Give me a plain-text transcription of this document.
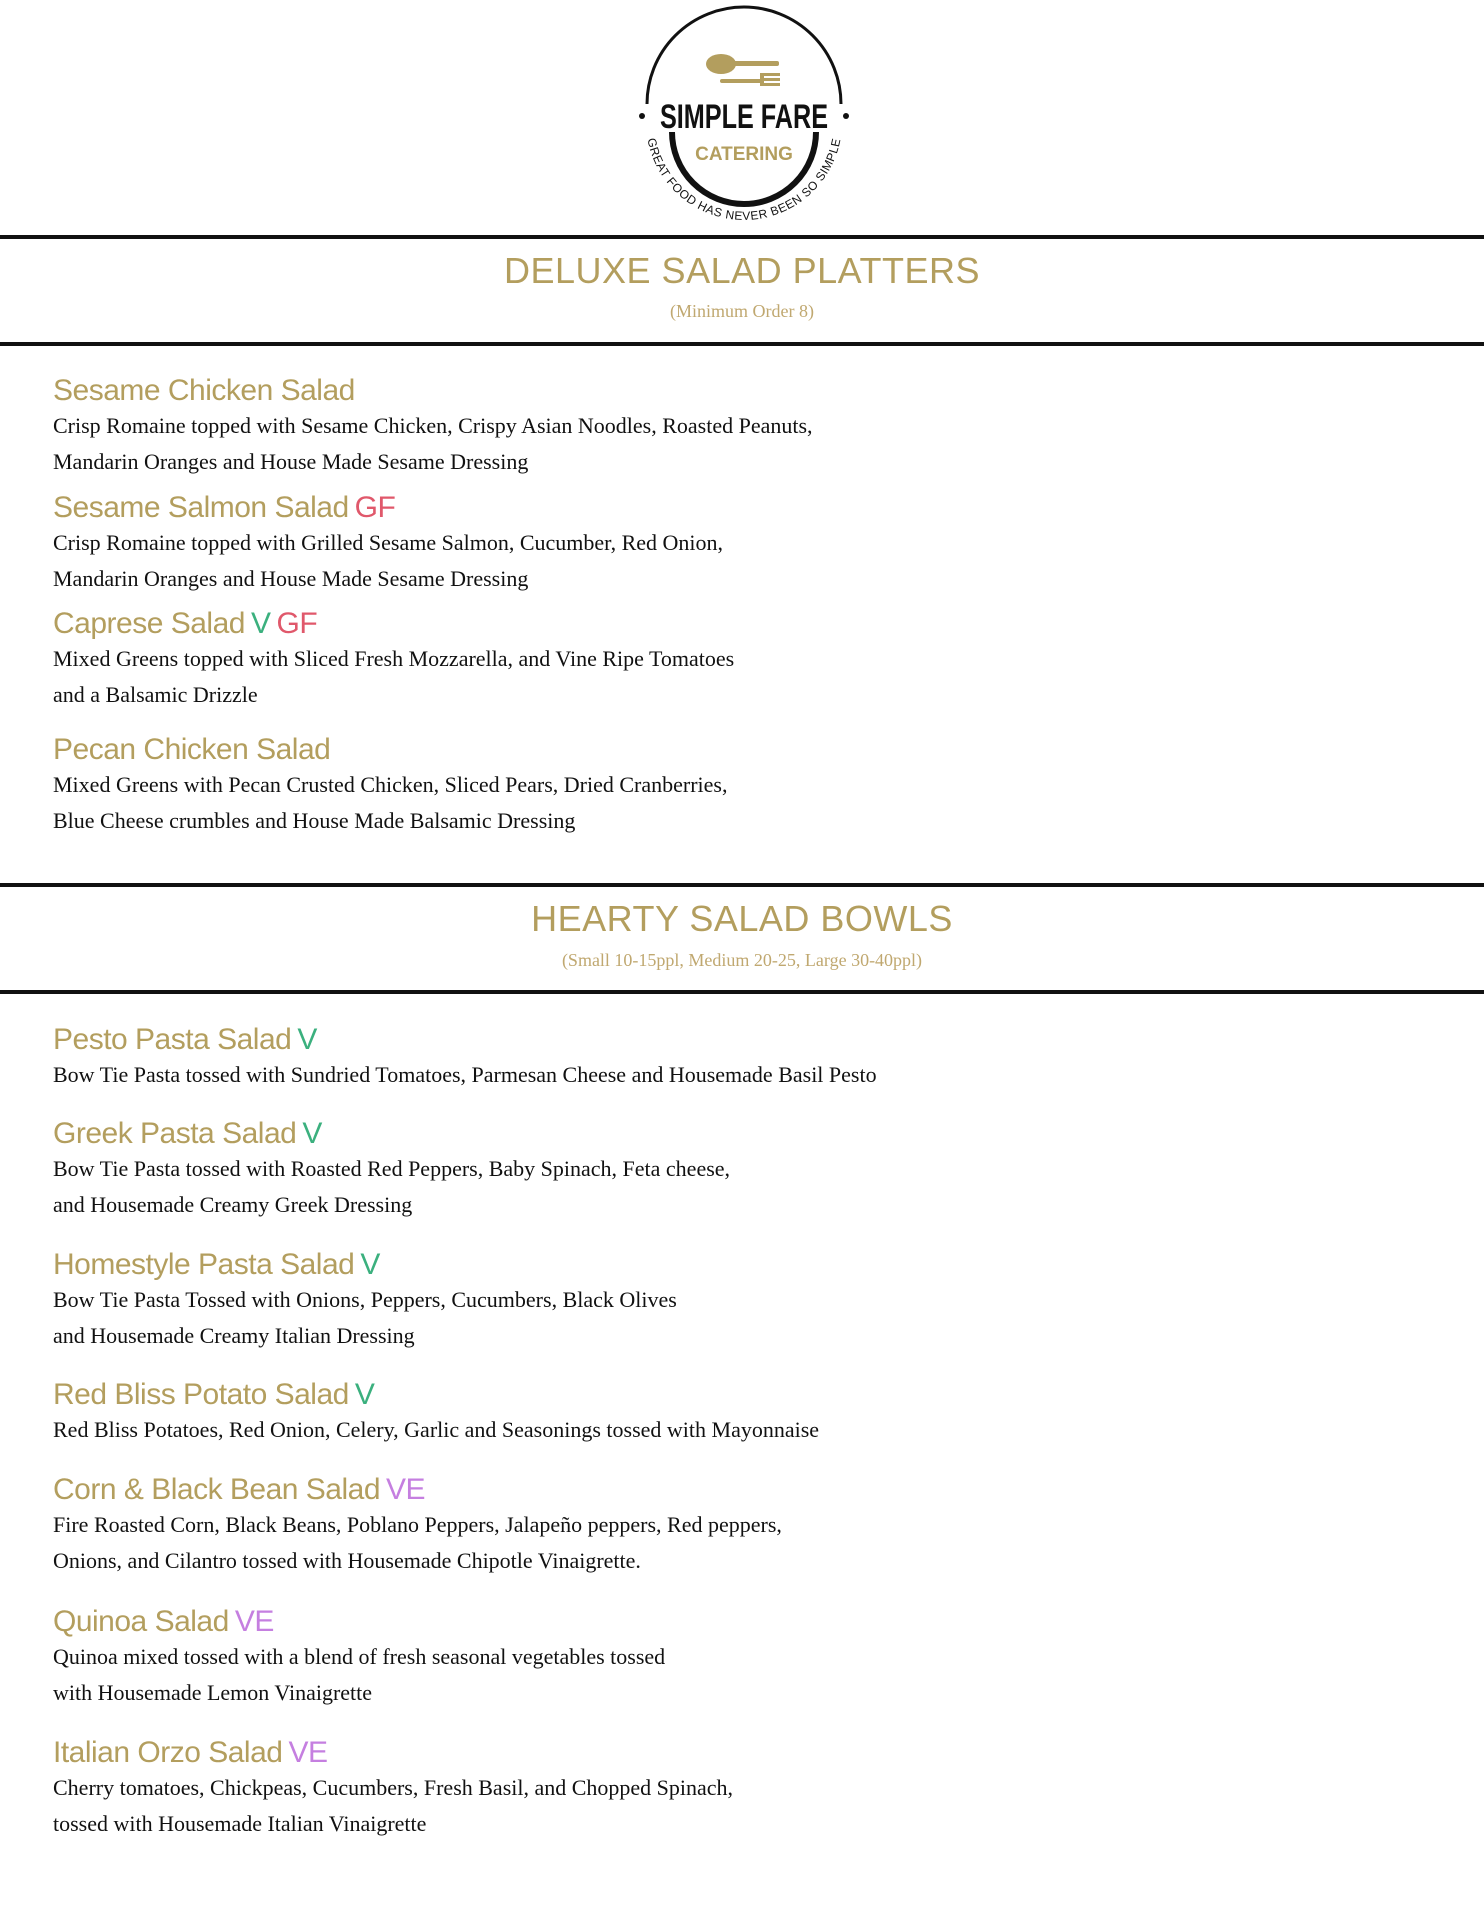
SIMPLE FARE
CATERING
GREAT FOOD HAS NEVER BEEN SO SIMPLE
DELUXE SALAD PLATTERS
(Minimum Order 8)
Sesame Chicken Salad
Crisp Romaine topped with Sesame Chicken, Crispy Asian Noodles, Roasted Peanuts,
Mandarin Oranges and House Made Sesame Dressing
Sesame Salmon Salad GF
Crisp Romaine topped with Grilled Sesame Salmon, Cucumber, Red Onion,
Mandarin Oranges and House Made Sesame Dressing
Caprese Salad V GF
Mixed Greens topped with Sliced Fresh Mozzarella, and Vine Ripe Tomatoes
and a Balsamic Drizzle
Pecan Chicken Salad
Mixed Greens with Pecan Crusted Chicken, Sliced Pears, Dried Cranberries,
Blue Cheese crumbles and House Made Balsamic Dressing
HEARTY SALAD BOWLS
(Small 10-15ppl, Medium 20-25, Large 30-40ppl)
Pesto Pasta Salad V
Bow Tie Pasta tossed with Sundried Tomatoes, Parmesan Cheese and Housemade Basil Pesto
Greek Pasta Salad V
Bow Tie Pasta tossed with Roasted Red Peppers, Baby Spinach, Feta cheese,
and Housemade Creamy Greek Dressing
Homestyle Pasta Salad V
Bow Tie Pasta Tossed with Onions, Peppers, Cucumbers, Black Olives
and Housemade Creamy Italian Dressing
Red Bliss Potato Salad V
Red Bliss Potatoes, Red Onion, Celery, Garlic and Seasonings tossed with Mayonnaise
Corn & Black Bean Salad VE
Fire Roasted Corn, Black Beans, Poblano Peppers, Jalapeño peppers, Red peppers,
Onions, and Cilantro tossed with Housemade Chipotle Vinaigrette.
Quinoa Salad VE
Quinoa mixed tossed with a blend of fresh seasonal vegetables tossed
with Housemade Lemon Vinaigrette
Italian Orzo Salad VE
Cherry tomatoes, Chickpeas, Cucumbers, Fresh Basil, and Chopped Spinach,
tossed with Housemade Italian Vinaigrette
